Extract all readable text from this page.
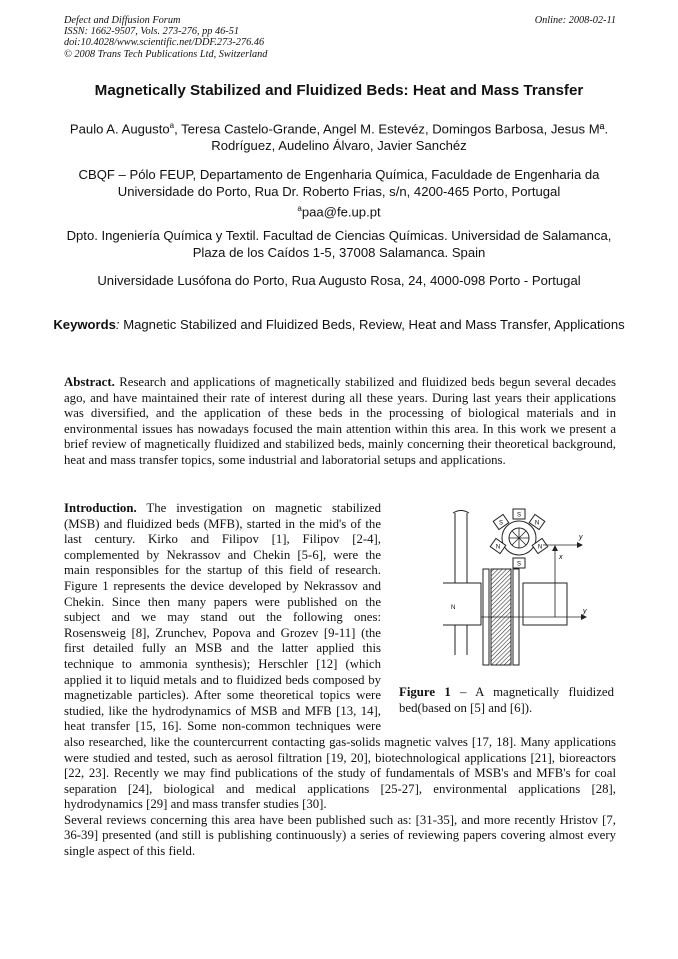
Defect and Diffusion Forum
ISSN: 1662-9507, Vols. 273-276, pp 46-51
doi:10.4028/www.scientific.net/DDF.273-276.46
© 2008 Trans Tech Publications Ltd, Switzerland
Online: 2008-02-11
Magnetically Stabilized and Fluidized Beds: Heat and Mass Transfer
Paulo A. Augusto$^a$, Teresa Castelo-Grande, Angel M. Estevéz, Domingos Barbosa, Jesus Mª. Rodríguez, Audelino Álvaro, Javier Sanchéz
CBQF – Pólo FEUP, Departamento de Engenharia Química, Faculdade de Engenharia da Universidade do Porto, Rua Dr. Roberto Frias, s/n, 4200-465 Porto, Portugal
$^a$paa@fe.up.pt
Dpto. Ingeniería Química y Textil. Facultad de Ciencias Químicas. Universidad de Salamanca, Plaza de los Caídos 1-5, 37008 Salamanca. Spain
Universidade Lusófona do Porto, Rua Augusto Rosa, 24, 4000-098 Porto - Portugal
Keywords: Magnetic Stabilized and Fluidized Beds, Review, Heat and Mass Transfer, Applications
Abstract. Research and applications of magnetically stabilized and fluidized beds begun several decades ago, and have maintained their rate of interest during all these years. During last years their applications was diversified, and the application of these beds in the processing of biological materials and in environmental issues has nowadays focused the main attention within this area. In this work we present a brief review of magnetically fluidized and stabilized beds, mainly concerning their theoretical background, heat and mass transfer topics, some industrial and laboratorial setups and applications.
S
N
N
S
N
S
N
x
y
y
Figure 1 – A magnetically fluidized bed(based on [5] and [6]).
Introduction. The investigation on magnetic stabilized (MSB) and fluidized beds (MFB), started in the mid's of the last century. Kirko and Filipov [1], Filipov [2-4], complemented by Nekrassov and Chekin [5-6], were the main responsibles for the startup of this field of research. Figure 1 represents the device developed by Nekrassov and Chekin. Since then many papers were published on the subject and we may stand out the following ones: Rosensweig [8], Zrunchev, Popova and Grozev [9-11] (the first detailed fully an MSB and the latter applied this technique to ammonia synthesis); Herschler [12] (which applied it to liquid metals and to fluidized beds composed by magnetizable particles). After some theoretical topics were studied, like the hydrodynamics of MSB and MFB [13, 14], heat transfer [15, 16]. Some non-common techniques were also researched, like the countercurrent contacting gas-solids magnetic valves [17, 18]. Many applications were studied and tested, such as aerosol filtration [19, 20], biotechnological applications [21], bioreactors [22, 23]. Recently we may find publications of the study of fundamentals of MSB's and MFB's for coal separation [24], biological and medical applications [25-27], environmental applications [28], hydrodynamics [29] and mass transfer studies [30].
Several reviews concerning this area have been published such as: [31-35], and more recently Hristov [7, 36-39] presented (and still is publishing continuously) a series of reviewing papers covering almost every single aspect of this field.
